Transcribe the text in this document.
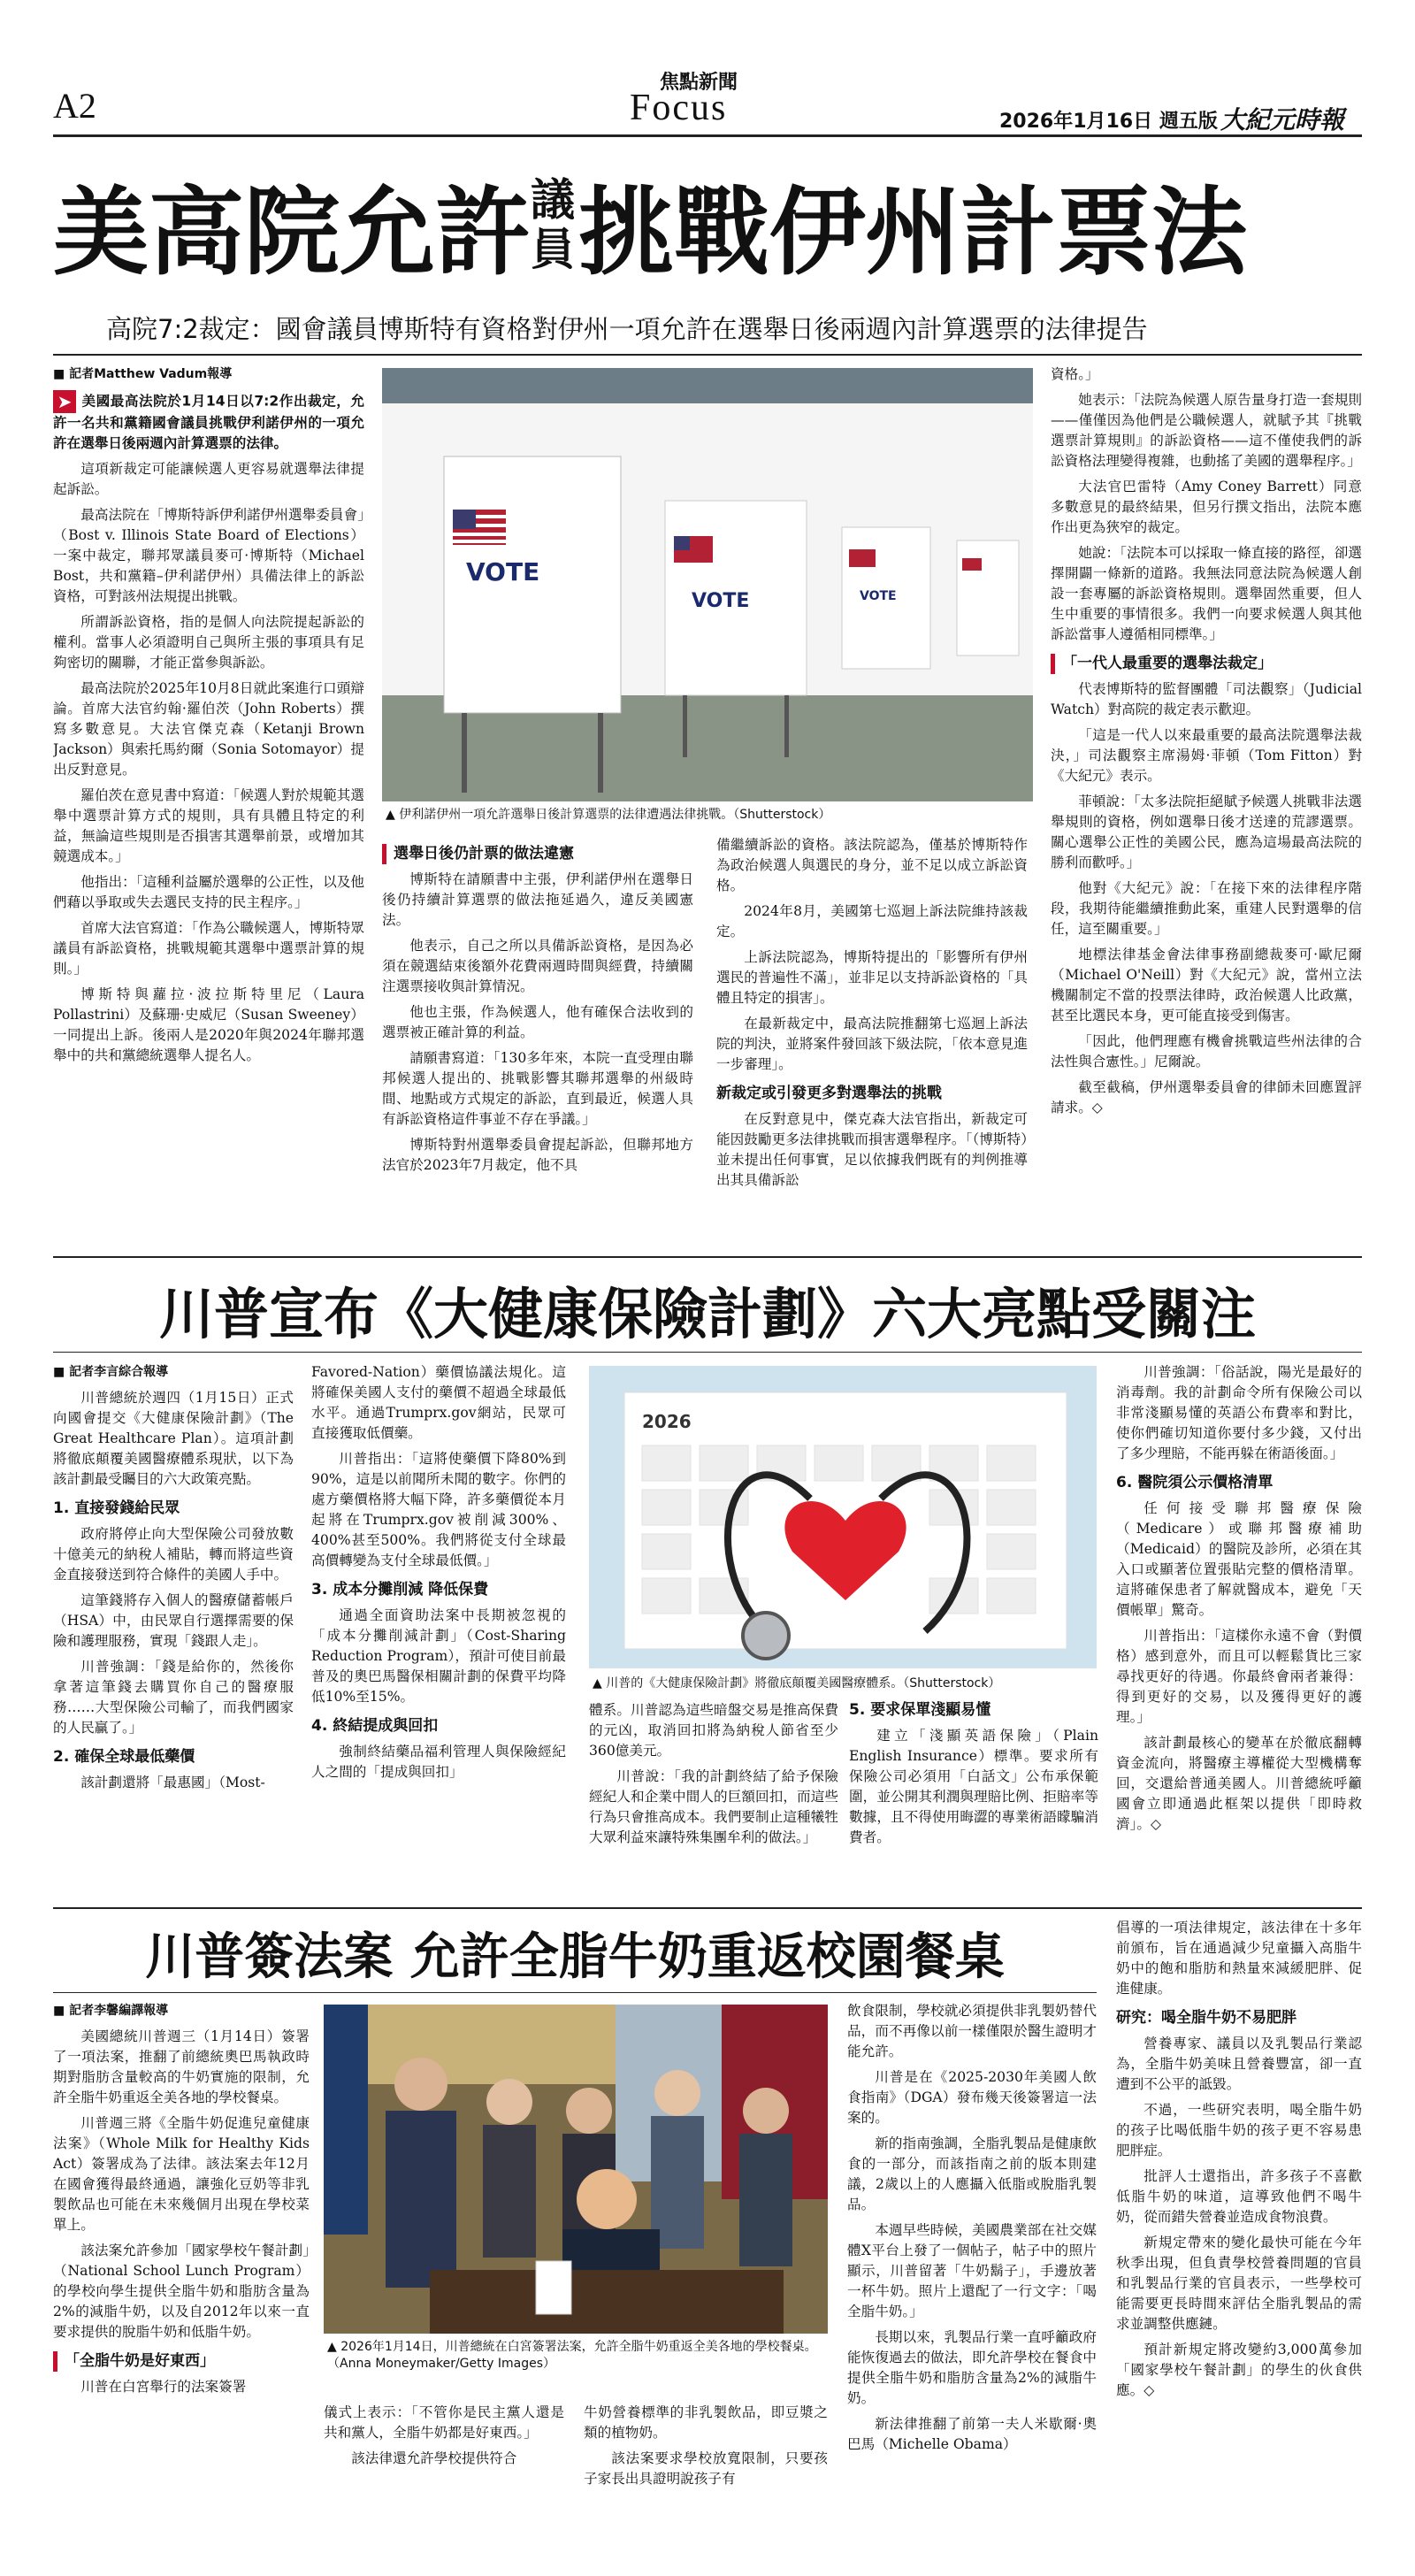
A2
焦點新聞
Focus	2026年1月16日 週五版 大紀元時報
美高院允許議員挑戰伊州計票法
高院7:2裁定：國會議員博斯特有資格對伊州一項允許在選舉日後兩週內計算選票的法律提告
■ 記者Matthew Vadum報導

➤ 美國最高法院於1月14日以7:2作出裁定，允許一名共和黨籍國會議員挑戰伊利諾伊州的一項允許在選舉日後兩週內計算選票的法律。

這項新裁定可能讓候選人更容易就選舉法律提起訴訟。

最高法院在「博斯特訴伊利諾伊州選舉委員會」（Bost v. Illinois State Board of Elections）一案中裁定，聯邦眾議員麥可·博斯特（Michael Bost，共和黨籍–伊利諾伊州）具備法律上的訴訟資格，可對該州法規提出挑戰。

所謂訴訟資格，指的是個人向法院提起訴訟的權利。當事人必須證明自己與所主張的事項具有足夠密切的關聯，才能正當參與訴訟。

最高法院於2025年10月8日就此案進行口頭辯論。首席大法官約翰·羅伯茨（John Roberts）撰寫多數意見。大法官傑克森（Ketanji Brown Jackson）與索托馬約爾（Sonia Sotomayor）提出反對意見。

羅伯茨在意見書中寫道：「候選人對於規範其選舉中選票計算方式的規則，具有具體且特定的利益，無論這些規則是否損害其選舉前景，或增加其競選成本。」

他指出：「這種利益屬於選舉的公正性，以及他們藉以爭取或失去選民支持的民主程序。」

首席大法官寫道：「作為公職候選人，博斯特眾議員有訴訟資格，挑戰規範其選舉中選票計算的規則。」

博斯特與蘿拉·波拉斯特里尼（Laura Pollastrini）及蘇珊·史威尼（Susan Sweeney）一同提出上訴。後兩人是2020年與2024年聯邦選舉中的共和黨總統選舉人提名人。

VOTE
VOTE	VOTE
▲ 伊利諾伊州一項允許選舉日後計算選票的法律遭遇法律挑戰。（Shutterstock）
選舉日後仍計票的做法違憲

博斯特在請願書中主張，伊利諾伊州在選舉日後仍持續計算選票的做法拖延過久，違反美國憲法。

他表示，自己之所以具備訴訟資格，是因為必須在競選結束後額外花費兩週時間與經費，持續關注選票接收與計算情況。

他也主張，作為候選人，他有確保合法收到的選票被正確計算的利益。

請願書寫道：「130多年來，本院一直受理由聯邦候選人提出的、挑戰影響其聯邦選舉的州級時間、地點或方式規定的訴訟，直到最近，候選人具有訴訟資格這件事並不存在爭議。」

博斯特對州選舉委員會提起訴訟，但聯邦地方法官於2023年7月裁定，他不具

備繼續訴訟的資格。該法院認為，僅基於博斯特作為政治候選人與選民的身分，並不足以成立訴訟資格。

2024年8月，美國第七巡迴上訴法院維持該裁定。

上訴法院認為，博斯特提出的「影響所有伊州選民的普遍性不滿」，並非足以支持訴訟資格的「具體且特定的損害」。

在最新裁定中，最高法院推翻第七巡迴上訴法院的判決，並將案件發回該下級法院，「依本意見進一步審理」。

新裁定或引發更多對選舉法的挑戰

在反對意見中，傑克森大法官指出，新裁定可能因鼓勵更多法律挑戰而損害選舉程序。「（博斯特）並未提出任何事實，足以依據我們既有的判例推導出其具備訴訟

資格。」

她表示：「法院為候選人原告量身打造一套規則——僅僅因為他們是公職候選人，就賦予其『挑戰選票計算規則』的訴訟資格——這不僅使我們的訴訟資格法理變得複雜，也動搖了美國的選舉程序。」

大法官巴雷特（Amy Coney Barrett）同意多數意見的最終結果，但另行撰文指出，法院本應作出更為狹窄的裁定。

她說：「法院本可以採取一條直接的路徑，卻選擇開闢一條新的道路。我無法同意法院為候選人創設一套專屬的訴訟資格規則。選舉固然重要，但人生中重要的事情很多。我們一向要求候選人與其他訴訟當事人遵循相同標準。」

「一代人最重要的選舉法裁定」

代表博斯特的監督團體「司法觀察」（Judicial Watch）對高院的裁定表示歡迎。

「這是一代人以來最重要的最高法院選舉法裁決，」司法觀察主席湯姆·菲頓（Tom Fitton）對《大紀元》表示。

菲頓說：「太多法院拒絕賦予候選人挑戰非法選舉規則的資格，例如選舉日後才送達的荒謬選票。關心選舉公正性的美國公民，應為這場最高法院的勝利而歡呼。」

他對《大紀元》說：「在接下來的法律程序階段，我期待能繼續推動此案，重建人民對選舉的信任，這至關重要。」

地標法律基金會法律事務副總裁麥可·歐尼爾（Michael O'Neill）對《大紀元》說，當州立法機關制定不當的投票法律時，政治候選人比政黨，甚至比選民本身，更可能直接受到傷害。

「因此，他們理應有機會挑戰這些州法律的合法性與合憲性。」尼爾說。

截至截稿，伊州選舉委員會的律師未回應置評請求。◇

川普宣布《大健康保險計劃》六大亮點受關注
■ 記者李言綜合報導

川普總統於週四（1月15日）正式向國會提交《大健康保險計劃》（The Great Healthcare Plan）。這項計劃將徹底顛覆美國醫療體系現狀，以下為該計劃最受矚目的六大政策亮點。

1. 直接發錢給民眾

政府將停止向大型保險公司發放數十億美元的納稅人補貼，轉而將這些資金直接發送到符合條件的美國人手中。

這筆錢將存入個人的醫療儲蓄帳戶（HSA）中，由民眾自行選擇需要的保險和護理服務，實現「錢跟人走」。

川普強調：「錢是給你的，然後你拿著這筆錢去購買你自己的醫療服務……大型保險公司輸了，而我們國家的人民贏了。」

2. 確保全球最低藥價

該計劃還將「最惠國」（Most-

Favored-Nation）藥價協議法規化。這將確保美國人支付的藥價不超過全球最低水平。通過Trumprx.gov網站，民眾可直接獲取低價藥。

川普指出：「這將使藥價下降80%到90%，這是以前聞所未聞的數字。你們的處方藥價格將大幅下降，許多藥價從本月起將在Trumprx.gov被削減300%、400%甚至500%。我們將從支付全球最高價轉變為支付全球最低價。」

3. 成本分攤削減 降低保費

通過全面資助法案中長期被忽視的「成本分攤削減計劃」（Cost-Sharing Reduction Program），預計可使目前最普及的奧巴馬醫保相關計劃的保費平均降低10%至15%。

4. 終結提成與回扣

強制終結藥品福利管理人與保險經紀人之間的「提成與回扣」

2026
▲ 川普的《大健康保險計劃》將徹底顛覆美國醫療體系。（Shutterstock）

體系。川普認為這些暗盤交易是推高保費的元凶，取消回扣將為納稅人節省至少360億美元。

川普說：「我的計劃終結了給予保險經紀人和企業中間人的巨額回扣，而這些行為只會推高成本。我們要制止這種犧牲大眾利益來讓特殊集團牟利的做法。」

5. 要求保單淺顯易懂

建立「淺顯英語保險」（Plain English Insurance）標準。要求所有保險公司必須用「白話文」公布承保範圍，並公開其利潤與理賠比例、拒賠率等數據，且不得使用晦澀的專業術語矇騙消費者。

川普強調：「俗話說，陽光是最好的消毒劑。我的計劃命令所有保險公司以非常淺顯易懂的英語公布費率和對比，使你們確切知道你要付多少錢，又付出了多少理賠，不能再躲在術語後面。」

6. 醫院須公示價格清單

任何接受聯邦醫療保險（Medicare）或聯邦醫療補助（Medicaid）的醫院及診所，必須在其入口或顯著位置張貼完整的價格清單。這將確保患者了解就醫成本，避免「天價帳單」驚奇。

川普指出：「這樣你永遠不會（對價格）感到意外，而且可以輕鬆貨比三家尋找更好的待遇。你最終會兩者兼得：得到更好的交易，以及獲得更好的護理。」

該計劃最核心的變革在於徹底翻轉資金流向，將醫療主導權從大型機構奪回，交還給普通美國人。川普總統呼籲國會立即通過此框架以提供「即時救濟」。◇

川普簽法案 允許全脂牛奶重返校園餐桌
■ 記者李馨編譯報導

美國總統川普週三（1月14日）簽署了一項法案，推翻了前總統奧巴馬執政時期對脂肪含量較高的牛奶實施的限制，允許全脂牛奶重返全美各地的學校餐桌。

川普週三將《全脂牛奶促進兒童健康法案》（Whole Milk for Healthy Kids Act）簽署成為了法律。該法案去年12月在國會獲得最終通過，讓強化豆奶等非乳製飲品也可能在未來幾個月出現在學校菜單上。

該法案允許參加「國家學校午餐計劃」（National School Lunch Program）的學校向學生提供全脂牛奶和脂肪含量為2%的減脂牛奶，以及自2012年以來一直要求提供的脫脂牛奶和低脂牛奶。

「全脂牛奶是好東西」

川普在白宮舉行的法案簽署

▲ 2026年1月14日，川普總統在白宮簽署法案，允許全脂牛奶重返全美各地的學校餐桌。（Anna Moneymaker/Getty Images）

儀式上表示：「不管你是民主黨人還是共和黨人，全脂牛奶都是好東西。」

該法律還允許學校提供符合

牛奶營養標準的非乳製飲品，即豆漿之類的植物奶。

該法案要求學校放寬限制，只要孩子家長出具證明說孩子有

飲食限制，學校就必須提供非乳製奶替代品，而不再像以前一樣僅限於醫生證明才能允許。

川普是在《2025-2030年美國人飲食指南》（DGA）發布幾天後簽署這一法案的。

新的指南強調，全脂乳製品是健康飲食的一部分，而該指南之前的版本則建議，2歲以上的人應攝入低脂或脫脂乳製品。

本週早些時候，美國農業部在社交媒體X平台上發了一個帖子，帖子中的照片顯示，川普留著「牛奶鬍子」，手邊放著一杯牛奶。照片上還配了一行文字：「喝全脂牛奶。」

長期以來，乳製品行業一直呼籲政府能恢復過去的做法，即允許學校在餐食中提供全脂牛奶和脂肪含量為2%的減脂牛奶。

新法律推翻了前第一夫人米歇爾·奧巴馬（Michelle Obama）

倡導的一項法律規定，該法律在十多年前頒布，旨在通過減少兒童攝入高脂牛奶中的飽和脂肪和熱量來減緩肥胖、促進健康。

研究：喝全脂牛奶不易肥胖

營養專家、議員以及乳製品行業認為，全脂牛奶美味且營養豐富，卻一直遭到不公平的詆毀。

不過，一些研究表明，喝全脂牛奶的孩子比喝低脂牛奶的孩子更不容易患肥胖症。

批評人士還指出，許多孩子不喜歡低脂牛奶的味道，這導致他們不喝牛奶，從而錯失營養並造成食物浪費。

新規定帶來的變化最快可能在今年秋季出現，但負責學校營養問題的官員和乳製品行業的官員表示，一些學校可能需要更長時間來評估全脂乳製品的需求並調整供應鏈。

預計新規定將改變約3,000萬參加「國家學校午餐計劃」的學生的伙食供應。◇
